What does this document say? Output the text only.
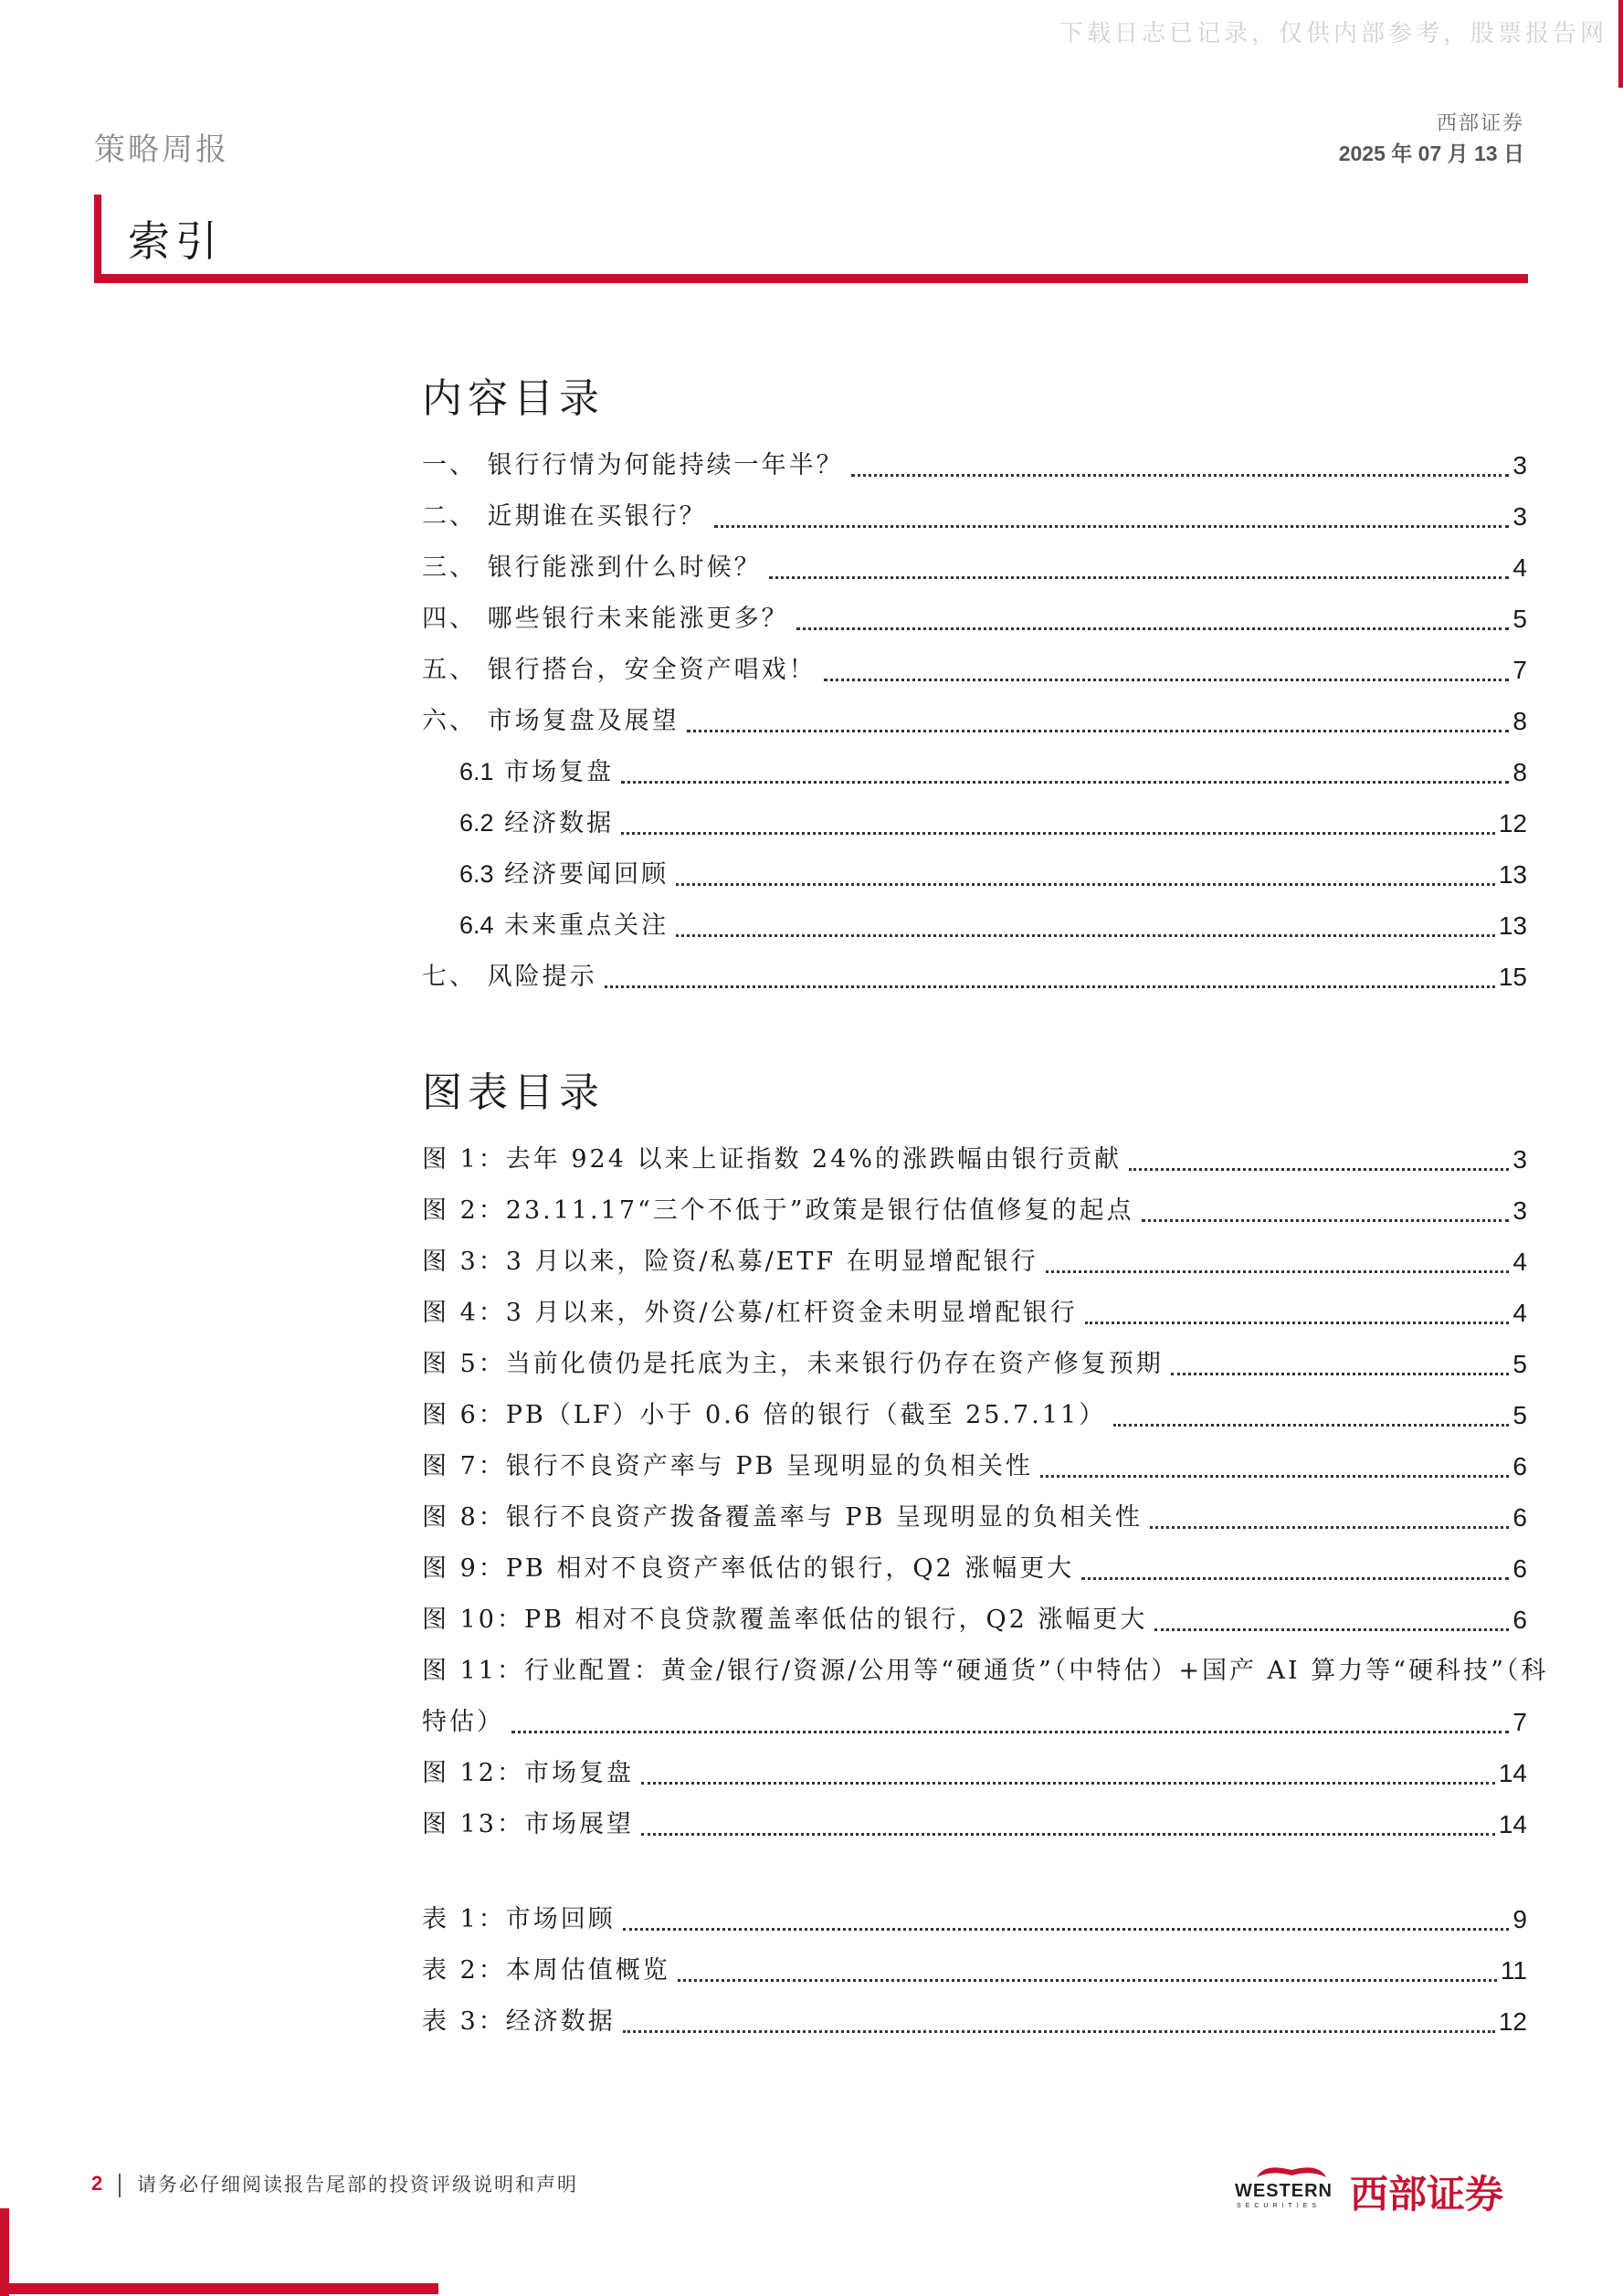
下载日志已记录，仅供内部参考，股票报告网
策略周报
西部证券
2025 年 07 月 13 日
索引
内容目录
一、 银行行情为何能持续一年半？	3
二、 近期谁在买银行？	3
三、 银行能涨到什么时候？	4
四、 哪些银行未来能涨更多？	5
五、 银行搭台，安全资产唱戏！	7
六、 市场复盘及展望	8
6.1 市场复盘	8
6.2 经济数据	12
6.3 经济要闻回顾	13
6.4 未来重点关注	13
七、 风险提示	15
图表目录
图 1：去年 924 以来上证指数 24%的涨跌幅由银行贡献	3
图 2：23.11.17“三个不低于”政策是银行估值修复的起点	3
图 3：3 月以来，险资/私募/ETF 在明显增配银行	4
图 4：3 月以来，外资/公募/杠杆资金未明显增配银行	4
图 5：当前化债仍是托底为主，未来银行仍存在资产修复预期	5
图 6：PB（LF）小于 0.6 倍的银行（截至 25.7.11）	5
图 7：银行不良资产率与 PB 呈现明显的负相关性	6
图 8：银行不良资产拨备覆盖率与 PB 呈现明显的负相关性	6
图 9：PB 相对不良资产率低估的银行，Q2 涨幅更大	6
图 10：PB 相对不良贷款覆盖率低估的银行，Q2 涨幅更大	6
图 11：行业配置：黄金/银行/资源/公用等“硬通货”（中特估）+国产 AI 算力等“硬科技”（科
特估）	7
图 12：市场复盘	14
图 13：市场展望	14
表 1：市场回顾	9
表 2：本周估值概览	11
表 3：经济数据	12
2 请务必仔细阅读报告尾部的投资评级说明和声明	WESTERN
SECURITIES 西部证券
